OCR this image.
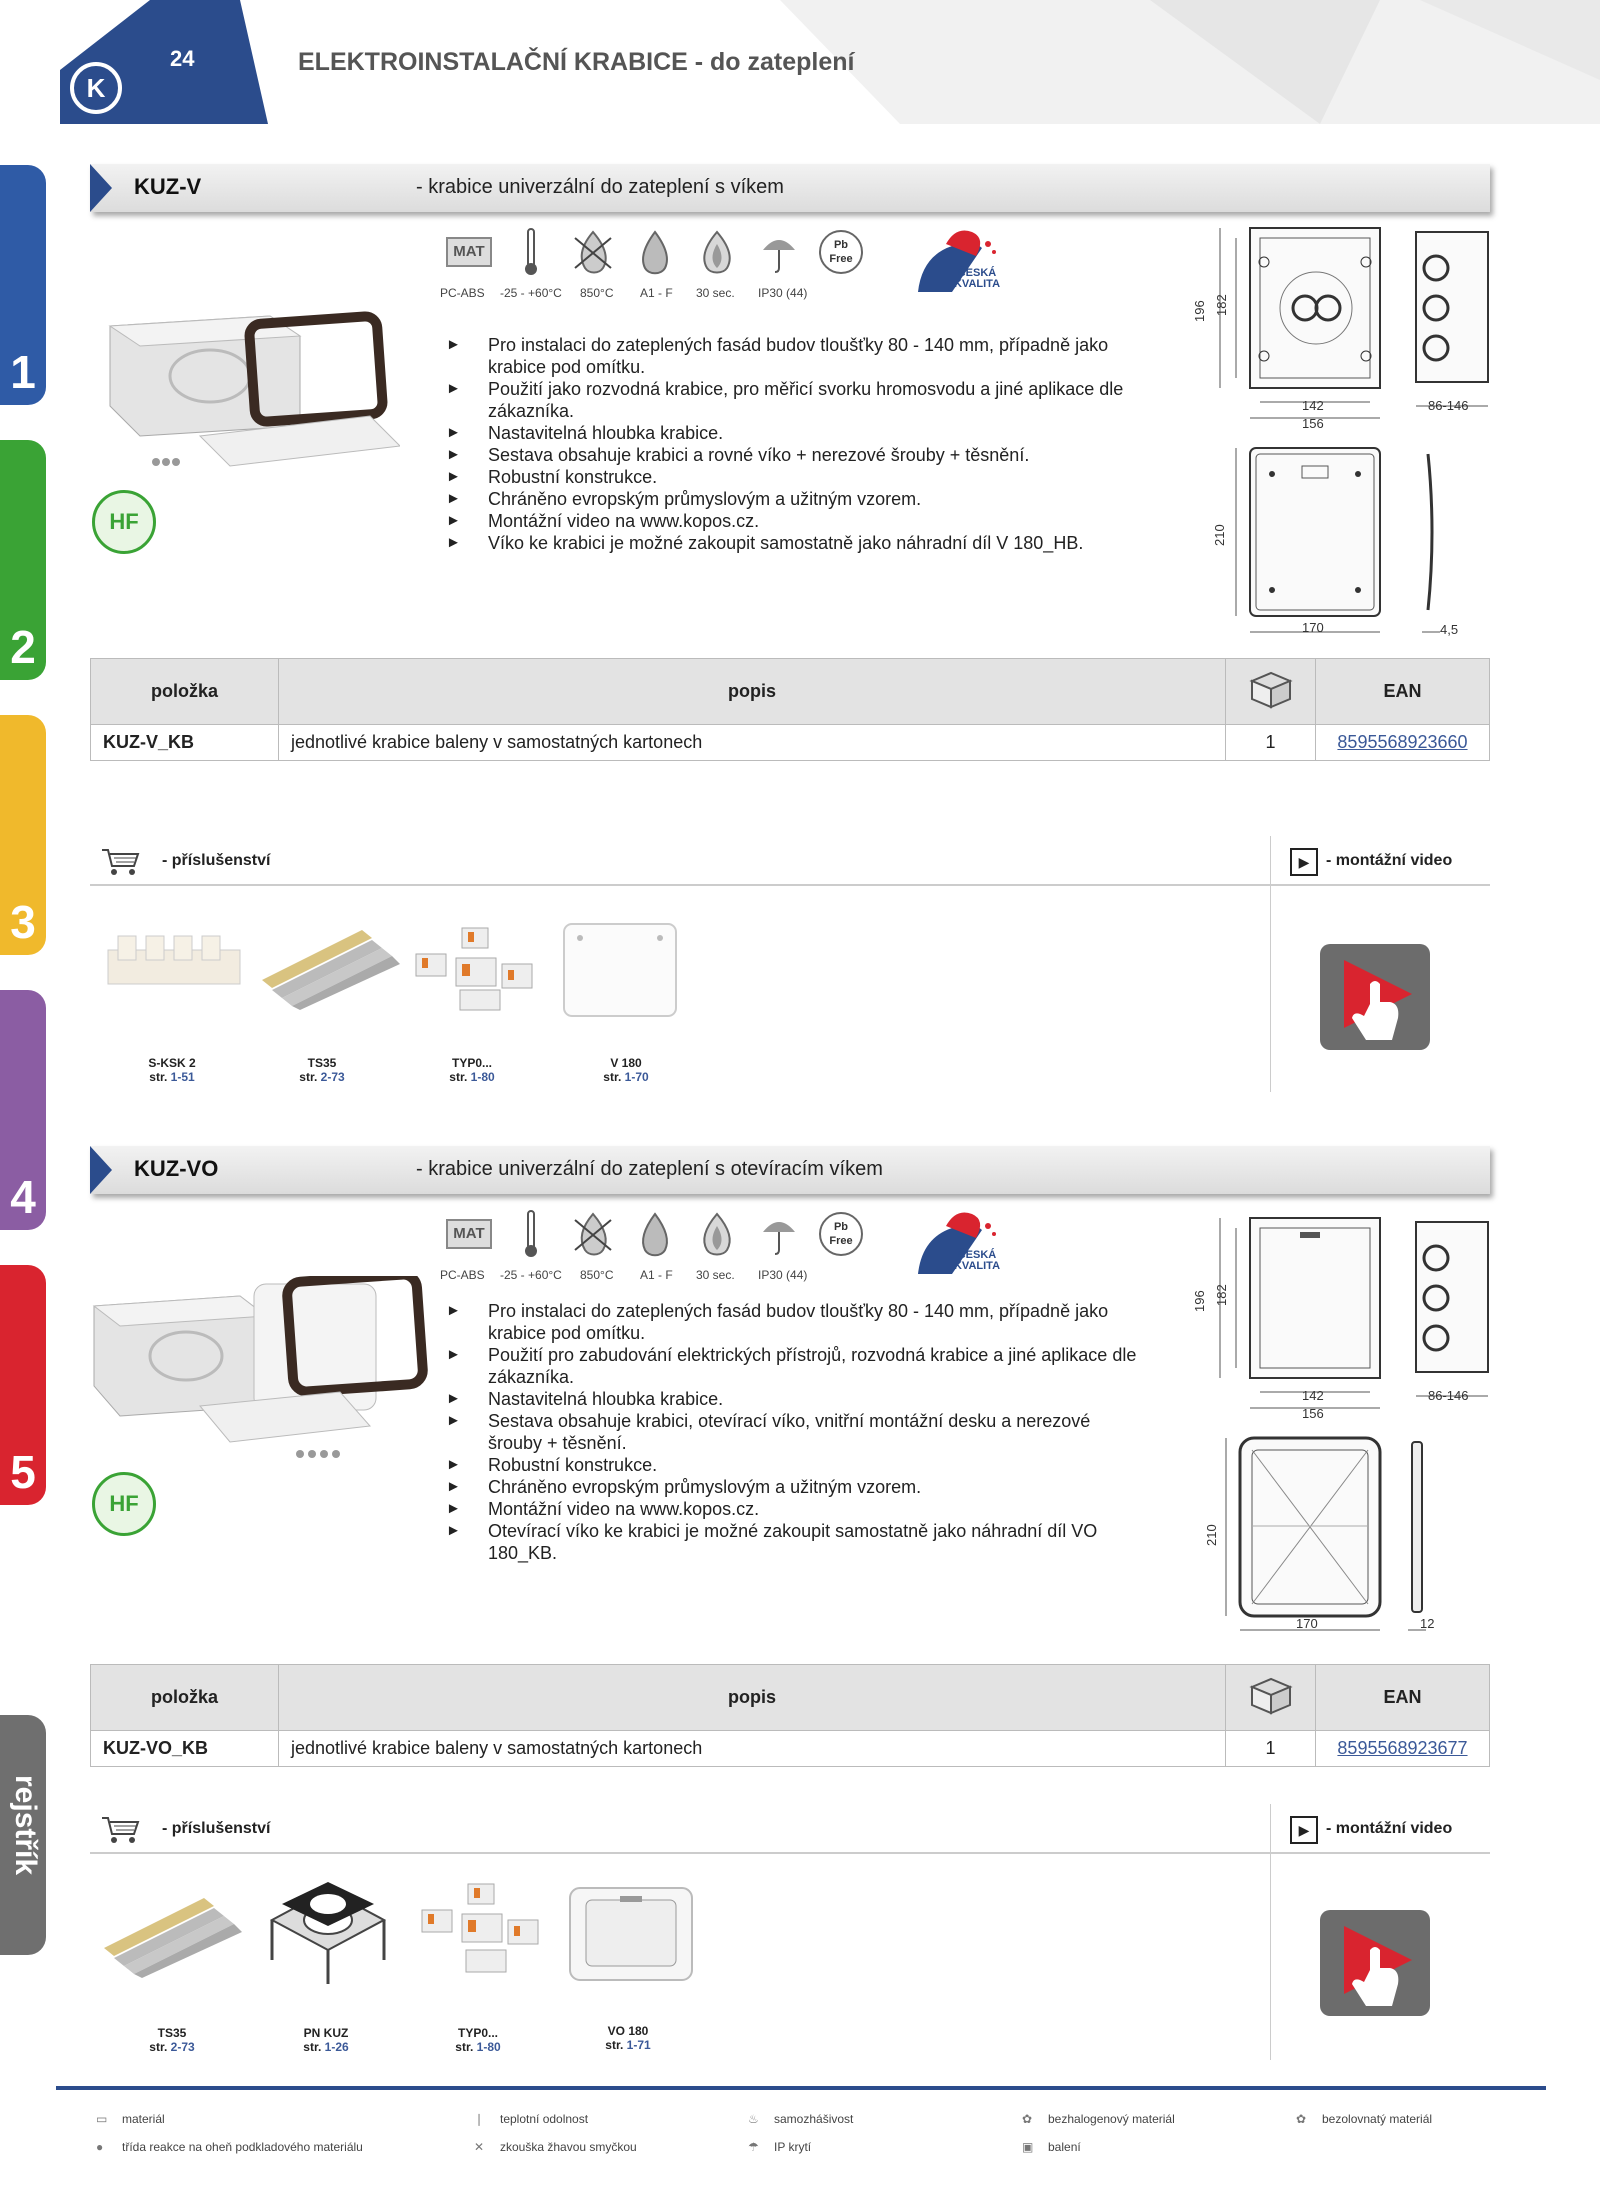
K
24	ELEKTROINSTALAČNÍ KRABICE - do zateplení
1
2
3
4
5
rejstřík
KUZ-V	- krabice univerzální do zateplení s víkem
MAT	Pb Free
PC-ABS -25 - +60°C 850°C A1 - F 30 sec. IP30 (44)
ČESKÁ KVALITA
HF
► Pro instalaci do zateplených fasád budov tloušťky 80 - 140 mm, případně jako krabice pod omítku.
► Použití jako rozvodná krabice, pro měřicí svorku hromosvodu a jiné aplikace dle zákazníka.
► Nastavitelná hloubka krabice.
► Sestava obsahuje krabici a rovné víko + nerezové šrouby + těsnění.
► Robustní konstrukce.
► Chráněno evropským průmyslovým a užitným vzorem.
► Montážní video na www.kopos.cz.
► Víko ke krabici je možné zakoupit samostatně jako náhradní díl V 180_HB.
196 182
142
156
86-146
210
170	4,5
položka	popis		EAN
KUZ-V_KB	jednotlivé krabice baleny v samostatných kartonech	1	8595568923660
- příslušenství	▶	- montážní video
S-KSK 2
str. 1-51
TS35
str. 2-73
TYP0...
str. 1-80
V 180
str. 1-70
KUZ-VO	- krabice univerzální do zateplení s otevíracím víkem
MAT	Pb Free
PC-ABS -25 - +60°C 850°C A1 - F 30 sec. IP30 (44)
ČESKÁ KVALITA
HF
► Pro instalaci do zateplených fasád budov tloušťky 80 - 140 mm, případně jako krabice pod omítku.
► Použití pro zabudování elektrických přístrojů, rozvodná krabice a jiné aplikace dle zákazníka.
► Nastavitelná hloubka krabice.
► Sestava obsahuje krabici, otevírací víko, vnitřní montážní desku a nerezové šrouby + těsnění.
► Robustní konstrukce.
► Chráněno evropským průmyslovým a užitným vzorem.
► Montážní video na www.kopos.cz.
► Otevírací víko ke krabici je možné zakoupit samostatně jako náhradní díl VO 180_KB.
196 182
142
156
86-146
210
170	12
položka	popis		EAN
KUZ-VO_KB	jednotlivé krabice baleny v samostatných kartonech	1	8595568923677
- příslušenství	▶	- montážní video
TS35
str. 2-73
PN KUZ
str. 1-26
TYP0...
str. 1-80
VO 180
str. 1-71
▭ materiál	❘ teplotní odolnost	♨ samozhášivost	✿ bezhalogenový materiál	✿ bezolovnatý materiál
● třída reakce na oheň podkladového materiálu	✕ zkouška žhavou smyčkou	☂ IP krytí	▣ balení
